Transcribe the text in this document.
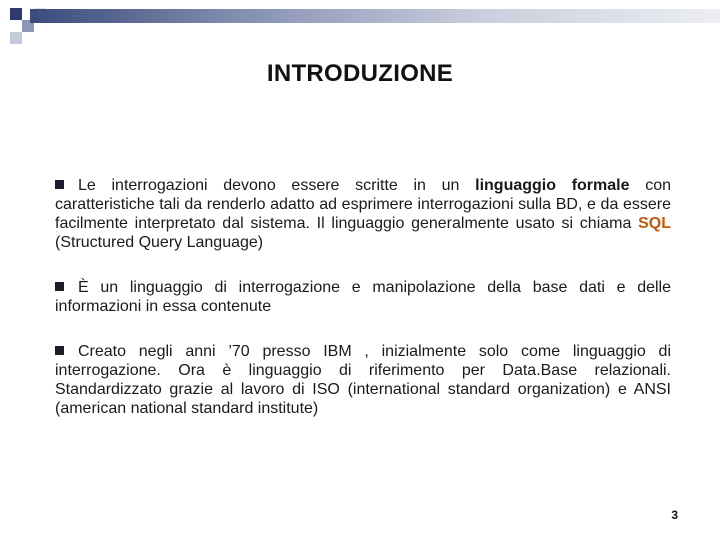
INTRODUZIONE

Le interrogazioni devono essere scritte in un linguaggio formale con caratteristiche tali da renderlo adatto ad esprimere interrogazioni sulla BD, e da essere facilmente interpretato dal sistema. Il linguaggio generalmente usato si chiama SQL (Structured Query Language)

È un linguaggio di interrogazione e manipolazione della base dati e delle informazioni in essa contenute

Creato negli anni ’70 presso IBM , inizialmente solo come linguaggio di interrogazione. Ora è linguaggio di riferimento per Data.Base relazionali. Standardizzato grazie al lavoro di ISO (international standard organization) e ANSI (american national standard institute)

3
